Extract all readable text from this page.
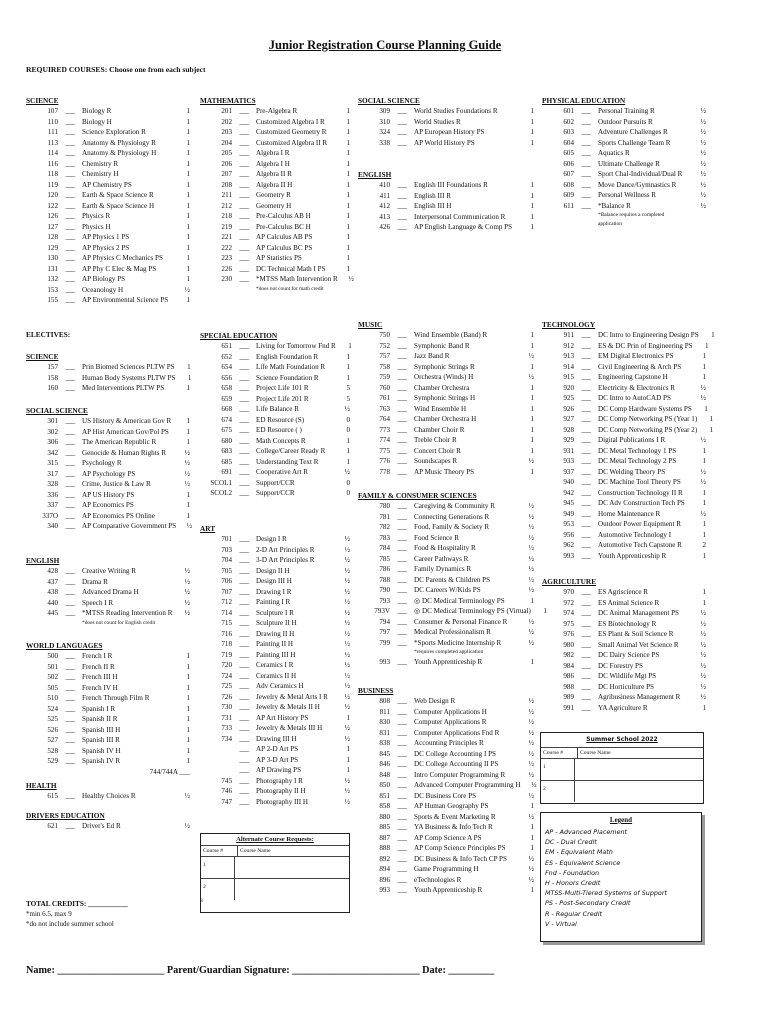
Junior Registration Course Planning Guide
REQUIRED COURSES: Choose one from each subject
SCIENCE
107	___	Biology R	1
110	___	Biology H	1
111	___	Science Exploration R	1
113	___	Anatomy & Physiology R	1
114	___	Anatomy & Physiology H	1
116	___	Chemistry R	1
118	___	Chemistry H	1
119	___	AP Chemistry PS	1
120	___	Earth & Space Science R	1
122	___	Earth & Space Science H	1
126	___	Physics R	1
127	___	Physics H	1
128	___	AP Physics 1 PS	1
129	___	AP Physics 2 PS	1
130	___	AP Physics C Mechanics PS	1
131	___	AP Phy C Elec & Mag PS	1
132	___	AP Biology PS	1
153	___	Oceanology H	½
155	___	AP Environmental Science PS	1
MATHEMATICS
201	___	Pre-Algebra R	1
202	___	Customized Algebra I R	1
203	___	Customized Geometry R	1
204	___	Customized Algebra II R	1
205	___	Algebra I R	1
206	___	Algebra I H	1
207	___	Algebra II R	1
208	___	Algebra II H	1
211	___	Geometry R	1
212	___	Geometry H	1
218	___	Pre-Calculus AB H	1
219	___	Pre-Calculus BC H	1
221	___	AP Calculus AB PS	1
222	___	AP Calculus BC PS	1
223	___	AP Statistics PS	1
226	___	DC Technical Math I PS	1
230	___	*MTSS Math Intervention R	½
*does not count for math credit
SOCIAL SCIENCE
309	___	World Studies Foundations R	1
310	___	World Studies R	1
324	___	AP European History PS	1
338	___	AP World History PS	1
ENGLISH
410	___	English III Foundations R	1
411	___	English III R	1
412	___	English III H	1
413	___	Interpersonal Communication R	1
426	___	AP English Language & Comp PS	1
PHYSICAL EDUCATION
601	___	Personal Training R	½
602	___	Outdoor Pursuits R	½
603	___	Adventure Challenges R	½
604	___	Sports Challenge Team R	½
605	___	Aquatics R	½
606	___	Ultimate Challenge R	½
607	___	Sport Chal-Individual/Dual R	½
608	___	Move Dance/Gymnastics R	½
609	___	Personal Wellness R	½
611	___	*Balance R	½
*Balance requires a completed
application
ELECTIVES:
SCIENCE
157	___	Prin Biomed Sciences PLTW PS	1
158	___	Human Body Systems PLTW PS	1
160	___	Med Interventions PLTW PS	1
SOCIAL SCIENCE
301	___	US History & American Gov R	1
302	___	AP Hist American Gov/Pol PS	1
306	___	The American Republic R	1
342	___	Genocide & Human Rights R	½
315	___	Psychology R	½
317	___	AP Psychology PS	½
328	___	Crime, Justice & Law R	½
336	___	AP US History PS	1
337	___	AP Economics PS	1
337O	___	AP Economics PS Online	1
340	___	AP Comparative Government PS	½
ENGLISH
428	___	Creative Writing R	½
437	___	Drama R	½
438	___	Advanced Drama H	½
440	___	Speech I R	½
445	___	*MTSS Reading Intervention R	½
*does not count for English credit
WORLD LANGUAGES
500	___	French I R	1
501	___	French II R	1
502	___	French III H	1
505	___	French IV H	1
510	___	French Through Film R	1
524	___	Spanish I R	1
525	___	Spanish II R	1
526	___	Spanish III H	1
527	___	Spanish III R	1
528	___	Spanish IV H	1
529	___	Spanish IV R	1
744/744A ___
HEALTH
615	___	Healthy Choices R	½
DRIVERS EDUCATION
621	___	Driver's Ed R	½
SPECIAL EDUCATION
651	___	Living for Tomorrow Fnd R	1
652	___	English Foundation R	1
654	___	Life Math Foundation R	1
656	___	Science Foundation R	1
658	___	Project Life 101 R	5
659	___	Project Life 201 R	5
668	___	Life Balance R	½
674	___	ED Resource (S)	0
675	___	ED Resource ( )	0
680	___	Math Concepts R	1
683	___	College/Career Ready R	1
685	___	Understanding Text R	1
691	___	Cooperative Art R	½
SCOL1	___	Support/CCR	0
SCOL2	___	Support/CCR	0
ART
701	___	Design I R	½
703	___	2-D Art Principles R	½
704	___	3-D Art Principles R	½
705	___	Design II H	½
706	___	Design III H	½
707	___	Drawing I R	½
712	___	Painting I R	½
714	___	Sculpture I R	½
715	___	Sculpture II H	½
716	___	Drawing II H	½
718	___	Painting II H	½
719	___	Painting III H	½
720	___	Ceramics I R	½
724	___	Ceramics II H	½
725	___	Adv Ceramics H	½
726	___	Jewelry & Metal Arts I R	½
730	___	Jewelry & Metals II H	½
731	___	AP Art History PS	1
733	___	Jewelry & Metals III H	½
734	___	Drawing III H	½
___	AP 2-D Art PS	1
___	AP 3-D Art PS	1
___	AP Drawing PS	1
745	___	Photography I R	½
746	___	Photography II H	½
747	___	Photography III H	½
MUSIC
750	___	Wind Ensemble (Band) R	1
752	___	Symphonic Band R	1
757	___	Jazz Band R	½
758	___	Symphonic Strings R	1
759	___	Orchestra (Winds) H	½
760	___	Chamber Orchestra	1
761	___	Symphonic Strings H	1
763	___	Wind Ensemble H	1
764	___	Chamber Orchestra H	1
773	___	Chamber Choir R	1
774	___	Treble Choir R	1
775	___	Concert Choir R	1
776	___	Soundscapes R	½
778	___	AP Music Theory PS	1
FAMILY & CONSUMER SCIENCES
780	___	Caregiving & Community R	½
781	___	Connecting Generations R	½
782	___	Food, Family & Society R	½
783	___	Food Science R	½
784	___	Food & Hospitality R	½
785	___	Career Pathways R	½
786	___	Family Dynamics R	½
788	___	DC Parents & Children PS	½
790	___	DC Careers W/Kids PS	½
793	___	◎ DC Medical Terminology PS	1
793V	___	◎ DC Medical Terminology PS (Virtual)	1
794	___	Consumer & Personal Finance R	½
797	___	Medical Professionalism R	½
799	___	*Sports Medicine Internship R	½
*requires completed application
993	___	Youth Apprenticeship R	1
BUSINESS
808	___	Web Design R	½
811	___	Computer Applications H	½
830	___	Computer Applications R	½
831	___	Computer Applications Fnd R	½
838	___	Accounting Principles R	½
845	___	DC College Accounting I PS	½
846	___	DC College Accounting II PS	½
848	___	Intro Computer Programming R	½
850	___	Advanced Computer Programming H	½
851	___	DC Business Core PS	½
858	___	AP Human Geography PS	1
880	___	Sports & Event Marketing R	½
885	___	YA Business & Info Tech R	1
887	___	AP Comp Science A PS	1
888	___	AP Comp Science Principles PS	1
892	___	DC Business & Info Tech CP PS	½
894	___	Game Programming H	½
896	___	eTechnologies R	½
993	___	Youth Apprenticeship R	1
TECHNOLOGY
911	___	DC Intro to Engineering Design PS	1
912	___	ES & DC Prin of Engineering PS	1
913	___	EM Digital Electronics PS	1
914	___	Civil Engineering & Arch PS	1
915	___	Engineering Capstone H	1
920	___	Electricity & Electronics R	½
925	___	DC Intro to AutoCAD PS	½
926	___	DC Comp Hardware Systems PS	1
927	___	DC Comp Networking PS (Year 1)	1
928	___	DC Comp Networking PS (Year 2)	1
929	___	Digital Publications I R	½
931	___	DC Metal Technology 1 PS	1
933	___	DC Metal Technology 2 PS	1
937	___	DC Welding Theory PS	½
940	___	DC Machine Tool Theory PS	½
942	___	Construction Technology II R	1
945	___	DC Adv Construction Tech PS	1
949	___	Home Maintenance R	½
953	___	Outdoor Power Equipment R	1
956	___	Automotive Technology I	1
962	___	Automotive Tech Capstone R	2
993	___	Youth Apprenticeship R	1
AGRICULTURE
970	___	ES Agriscience R	1
972	___	ES Animal Science R	1
974	___	DC Animal Management PS	½
975	___	ES Biotechnology R	½
976	___	ES Plant & Soil Science R	½
980	___	Small Animal Vet Science R	½
982	___	DC Dairy Science PS	½
984	___	DC Forestry PS	½
986	___	DC Wildlife Mgt PS	½
988	___	DC Horticulture PS	½
989	___	Agribusiness Management R	½
991	___	YA Agriculture R	1
Alternate Course Requests:
Course #	Course Name
1
2
3
Summer School 2022
Course #	Course Name
1
2
Legend
AP - Advanced Placement
DC - Dual Credit
EM - Equivalent Math
ES - Equivalent Science
Fnd - Foundation
H - Honors Credit
MTSS-Multi-Tiered Systems of Support
PS - Post-Secondary Credit
R - Regular Credit
V - Virtual
TOTAL CREDITS: ___________
*min 6.5, max 9
*do not include summer school
Name: _____________________ Parent/Guardian Signature: _________________________ Date: _________
